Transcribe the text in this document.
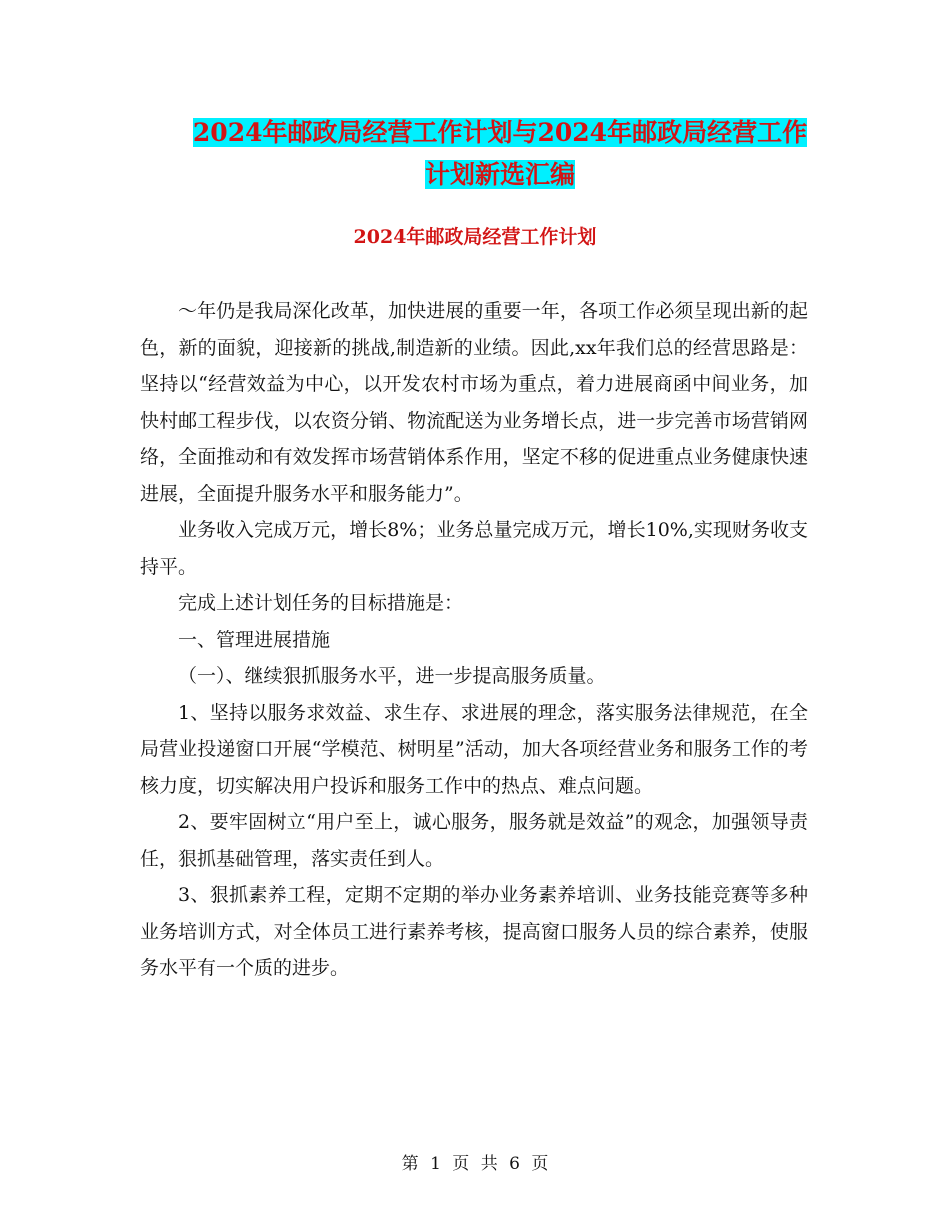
2024年邮政局经营工作计划与2024年邮政局经营工作
计划新选汇编
2024年邮政局经营工作计划

～年仍是我局深化改革，加快进展的重要一年，各项工作必须呈现出新的起色，新的面貌，迎接新的挑战,制造新的业绩。因此,xx年我们总的经营思路是：坚持以“经营效益为中心，以开发农村市场为重点，着力进展商函中间业务，加快村邮工程步伐，以农资分销、物流配送为业务增长点，进一步完善市场营销网络，全面推动和有效发挥市场营销体系作用，坚定不移的促进重点业务健康快速进展，全面提升服务水平和服务能力”。

业务收入完成万元，增长8%；业务总量完成万元，增长10%,实现财务收支持平。

完成上述计划任务的目标措施是：

一、管理进展措施

（一）、继续狠抓服务水平，进一步提高服务质量。

1、坚持以服务求效益、求生存、求进展的理念，落实服务法律规范，在全局营业投递窗口开展“学模范、树明星”活动，加大各项经营业务和服务工作的考核力度，切实解决用户投诉和服务工作中的热点、难点问题。

2、要牢固树立“用户至上，诚心服务，服务就是效益”的观念，加强领导责任，狠抓基础管理，落实责任到人。

3、狠抓素养工程，定期不定期的举办业务素养培训、业务技能竞赛等多种业务培训方式，对全体员工进行素养考核，提高窗口服务人员的综合素养，使服务水平有一个质的进步。

第 1 页 共 6 页
